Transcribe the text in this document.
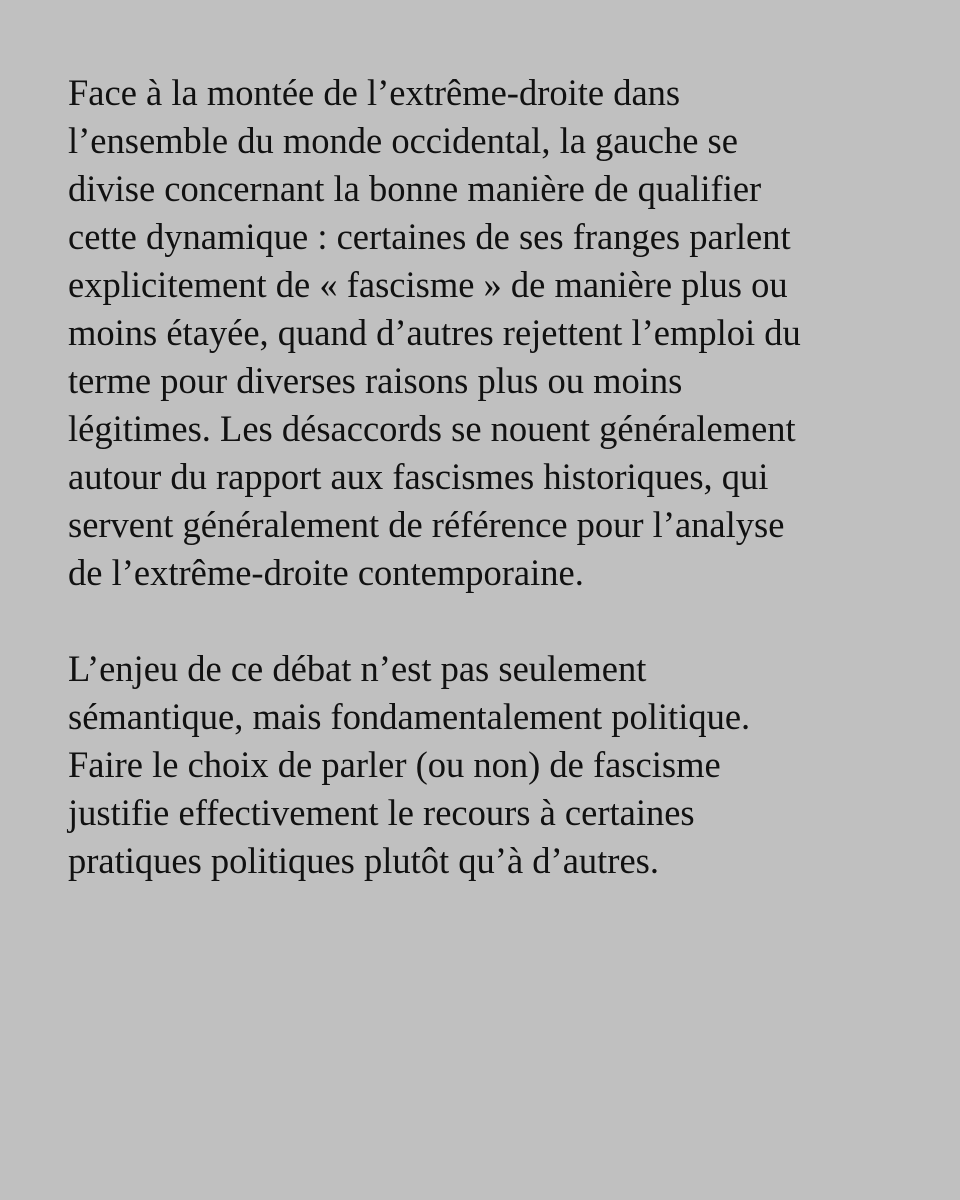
Face à la montée de l’extrême-droite dans
l’ensemble du monde occidental, la gauche se
divise concernant la bonne manière de qualifier
cette dynamique : certaines de ses franges parlent
explicitement de « fascisme » de manière plus ou
moins étayée, quand d’autres rejettent l’emploi du
terme pour diverses raisons plus ou moins
légitimes. Les désaccords se nouent généralement
autour du rapport aux fascismes historiques, qui
servent généralement de référence pour l’analyse
de l’extrême-droite contemporaine.

L’enjeu de ce débat n’est pas seulement
sémantique, mais fondamentalement politique.
Faire le choix de parler (ou non) de fascisme
justifie effectivement le recours à certaines
pratiques politiques plutôt qu’à d’autres.
